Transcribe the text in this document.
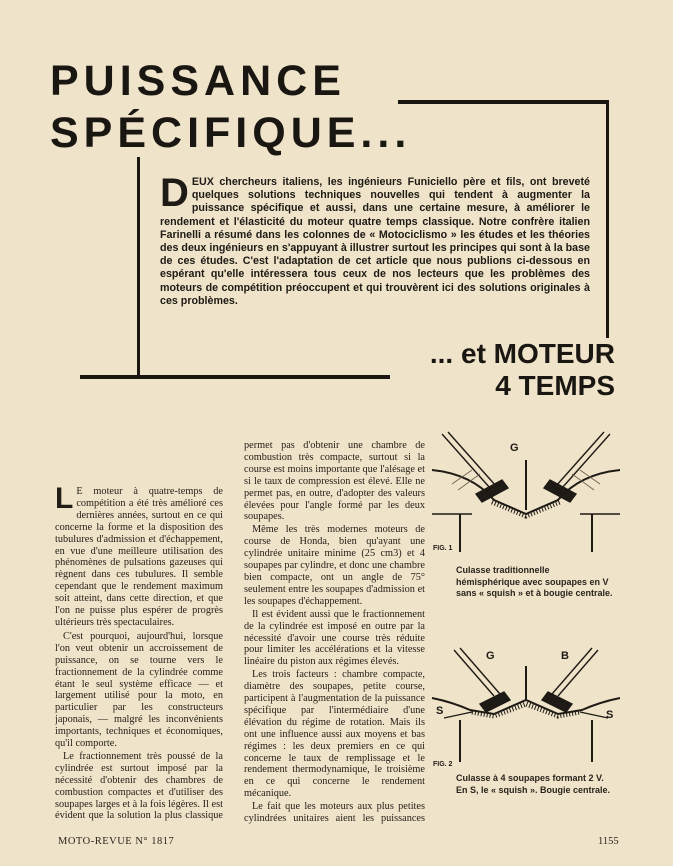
PUISSANCE
SPÉCIFIQUE...

DEUX chercheurs italiens, les ingénieurs Funiciello père et fils, ont breveté quelques solutions techniques nouvelles qui tendent à augmenter la puissance spécifique et aussi, dans une certaine mesure, à améliorer le rendement et l'élasticité du moteur quatre temps classique. Notre confrère italien Farinelli a résumé dans les colonnes de « Motociclismo » les études et les théories des deux ingénieurs en s'appuyant à illustrer surtout les principes qui sont à la base de ces études. C'est l'adaptation de cet article que nous publions ci-dessous en espérant qu'elle intéressera tous ceux de nos lecteurs que les problèmes des moteurs de compétition préoccupent et qui trouvèrent ici des solutions originales à ces problèmes.

... et MOTEUR
4 TEMPS

L E moteur à quatre-temps de compétition a été très amélioré ces dernières années, surtout en ce qui concerne la forme et la disposition des tubulures d'admission et d'échappement, en vue d'une meilleure utilisation des phénomènes de pulsations gazeuses qui règnent dans ces tubulures. Il semble cependant que le rendement maximum soit atteint, dans cette direction, et que l'on ne puisse plus espérer de progrès ultérieurs très spectaculaires.

C'est pourquoi, aujourd'hui, lorsque l'on veut obtenir un accroissement de puissance, on se tourne vers le fractionnement de la cylindrée comme étant le seul système efficace — et largement utilisé pour la moto, en particulier par les constructeurs japonais, — malgré les inconvénients importants, techniques et économiques, qu'il comporte.

Le fractionnement très poussé de la cylindrée est surtout imposé par la nécessité d'obtenir des chambres de combustion compactes et d'utiliser des soupapes larges et à la fois légères. Il est évident que la solution la plus classique

permet pas d'obtenir une chambre de combustion très compacte, surtout si la course est moins importante que l'alésage et si le taux de compression est élevé. Elle ne permet pas, en outre, d'adopter des valeurs élevées pour l'angle formé par les deux soupapes.

Même les très modernes moteurs de course de Honda, bien qu'ayant une cylindrée unitaire minime (25 cm3) et 4 soupapes par cylindre, et donc une chambre bien compacte, ont un angle de 75° seulement entre les soupapes d'admission et les soupapes d'échappement.

Il est évident aussi que le fractionnement de la cylindrée est imposé en outre par la nécessité d'avoir une course très réduite pour limiter les accélérations et la vitesse linéaire du piston aux régimes élevés.

Les trois facteurs : chambre compacte, diamètre des soupapes, petite course, participent à l'augmentation de la puissance spécifique par l'intermédiaire d'une élévation du régime de rotation. Mais ils ont une influence aussi aux moyens et bas régimes : les deux premiers en ce qui concerne le taux de remplissage et le rendement thermodynamique, le troisième en ce qui concerne le rendement mécanique.

Le fait que les moteurs aux plus petites cylindrées unitaires aient les puissances

G
FIG. 1

Culasse traditionnelle hémisphérique avec soupapes en V sans « squish » et à bougie centrale.

G	B
S	S
FIG. 2

Culasse à 4 soupapes formant 2 V. En S, le « squish ». Bougie centrale.

MOTO-REVUE N° 1817	1155
